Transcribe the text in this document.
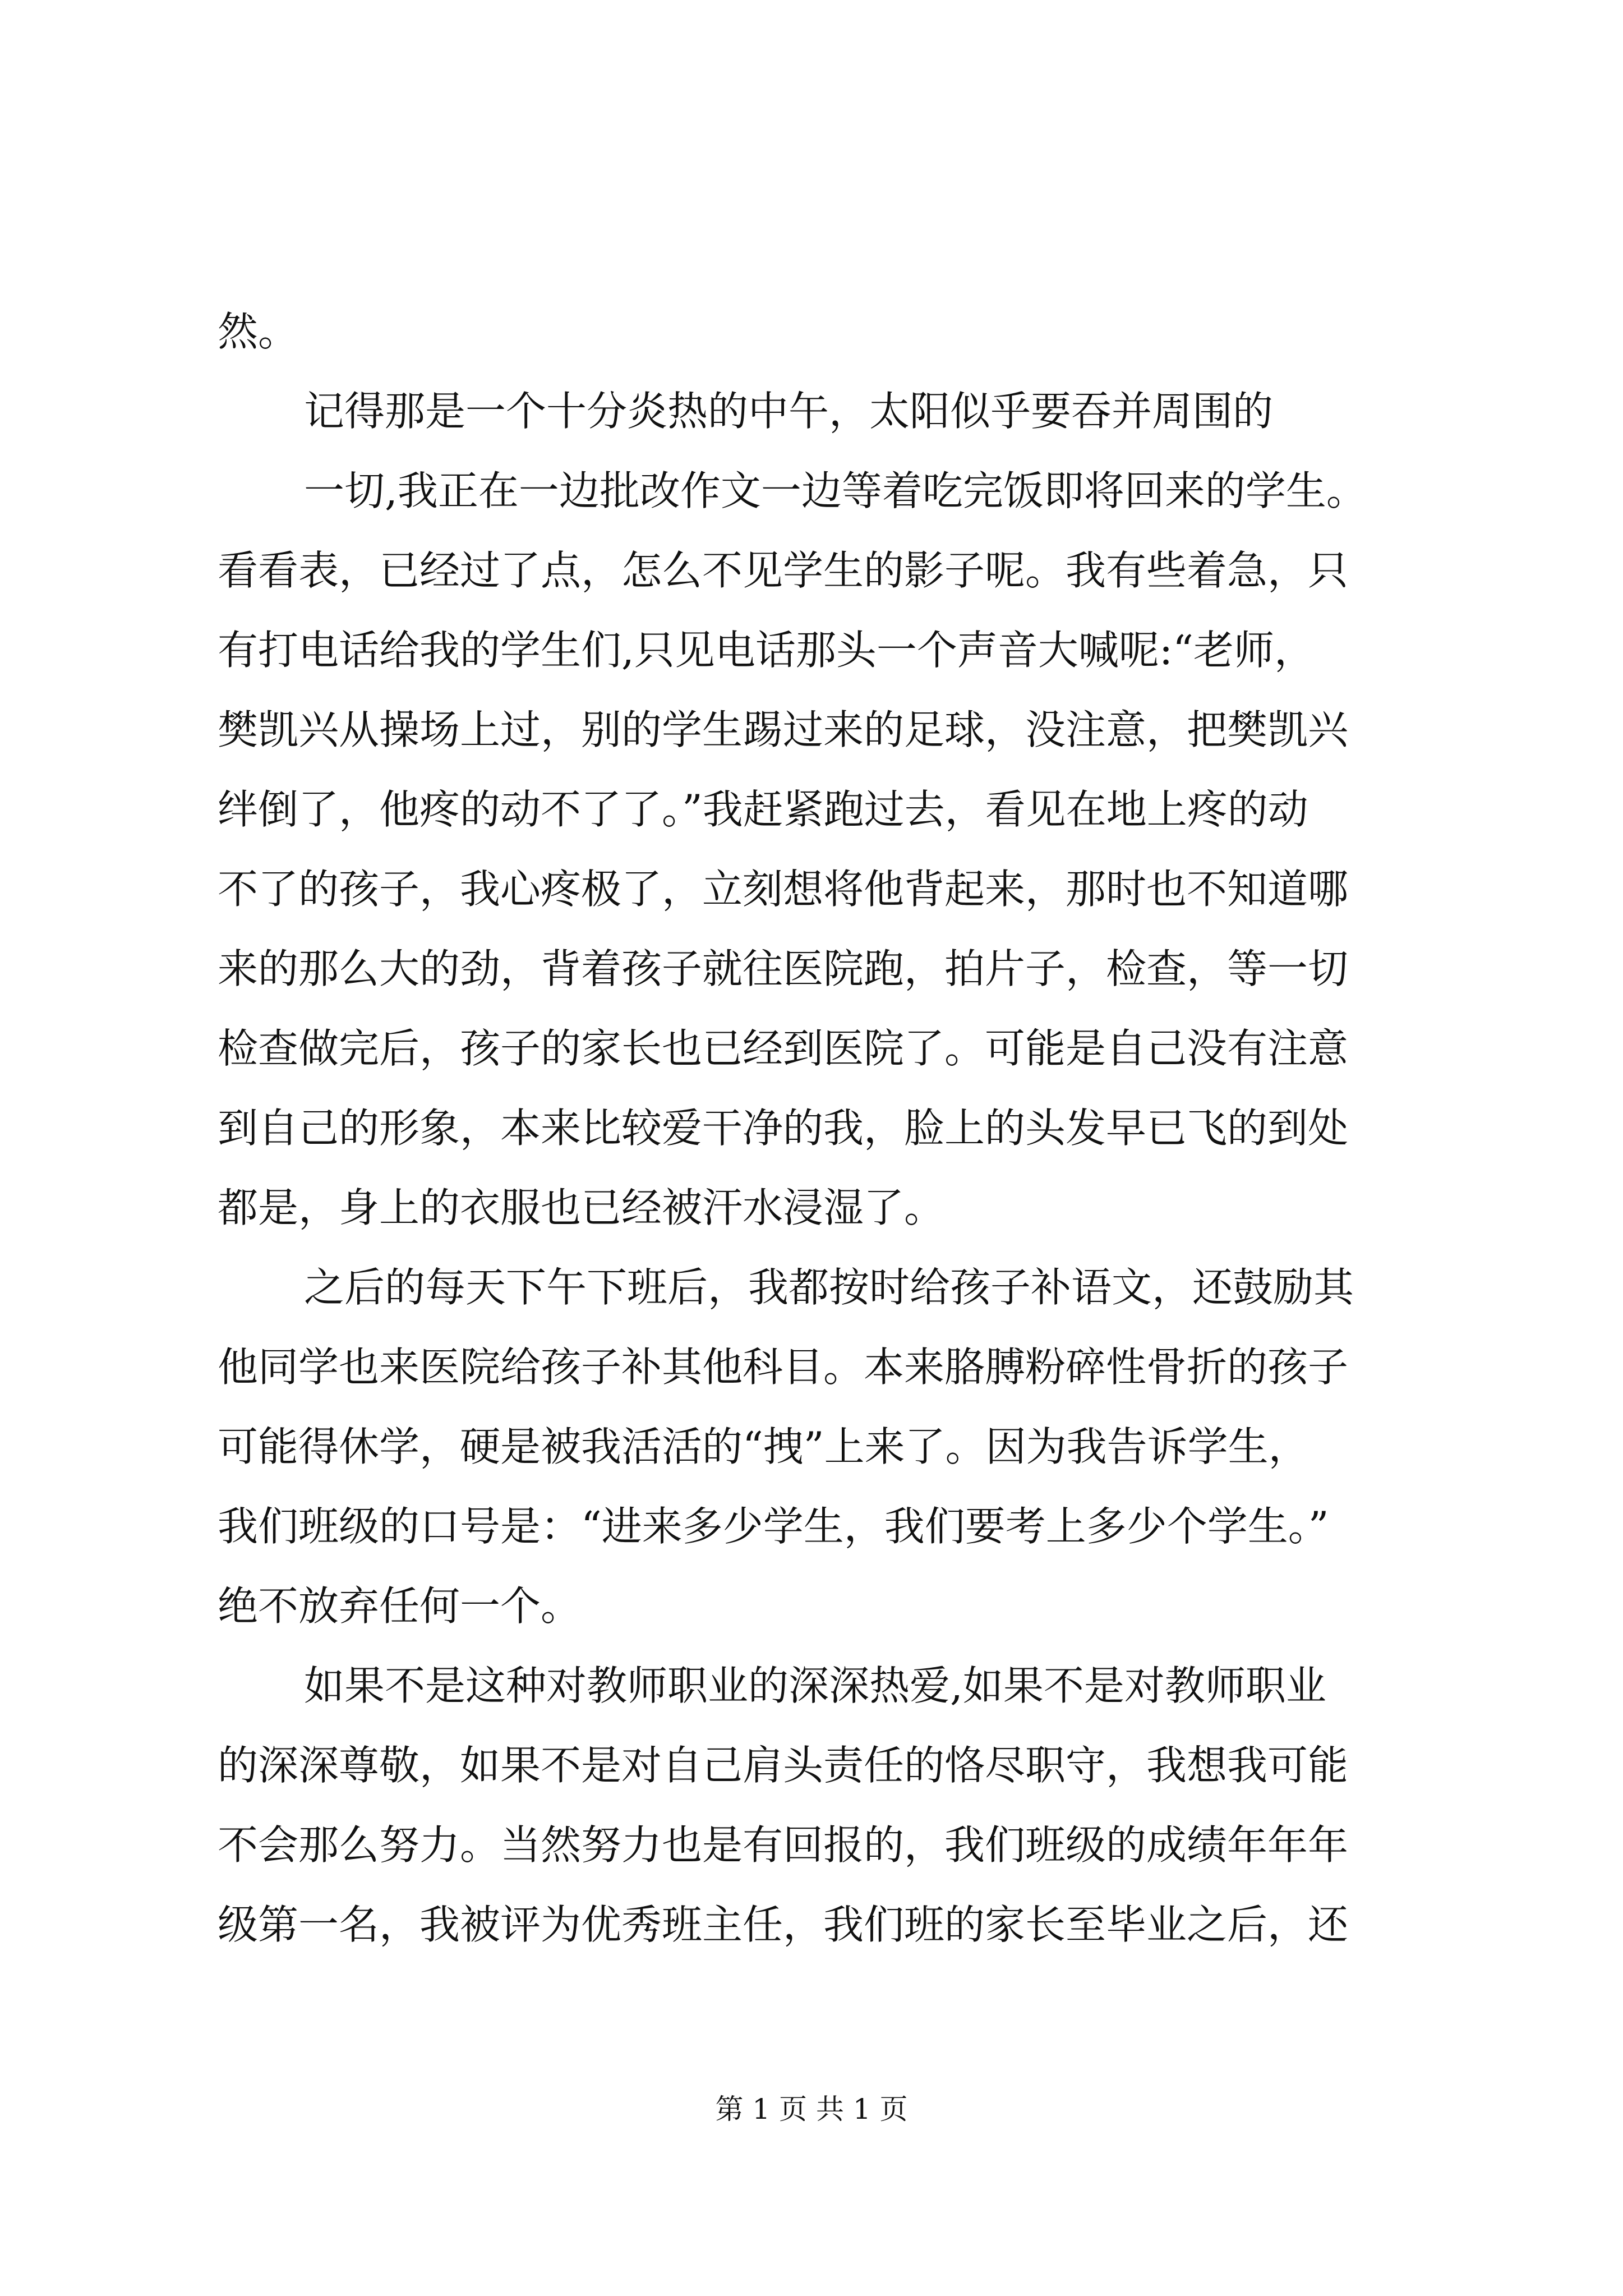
然。
记得那是一个十分炎热的中午，太阳似乎要吞并周围的
一切,我正在一边批改作文一边等着吃完饭即将回来的学生。
看看表，已经过了点，怎么不见学生的影子呢。我有些着急，只
有打电话给我的学生们,只见电话那头一个声音大喊呢:“老师，
樊凯兴从操场上过，别的学生踢过来的足球，没注意，把樊凯兴
绊倒了，他疼的动不了了。”我赶紧跑过去，看见在地上疼的动
不了的孩子，我心疼极了，立刻想将他背起来，那时也不知道哪
来的那么大的劲，背着孩子就往医院跑，拍片子，检查，等一切
检查做完后，孩子的家长也已经到医院了。可能是自己没有注意
到自己的形象，本来比较爱干净的我，脸上的头发早已飞的到处
都是，身上的衣服也已经被汗水浸湿了。
之后的每天下午下班后，我都按时给孩子补语文，还鼓励其
他同学也来医院给孩子补其他科目。本来胳膊粉碎性骨折的孩子
可能得休学，硬是被我活活的“拽”上来了。因为我告诉学生，
我们班级的口号是：“进来多少学生，我们要考上多少个学生。”
绝不放弃任何一个。
如果不是这种对教师职业的深深热爱,如果不是对教师职业
的深深尊敬，如果不是对自己肩头责任的恪尽职守，我想我可能
不会那么努力。当然努力也是有回报的，我们班级的成绩年年年
级第一名，我被评为优秀班主任，我们班的家长至毕业之后，还
第 1 页 共 1 页
